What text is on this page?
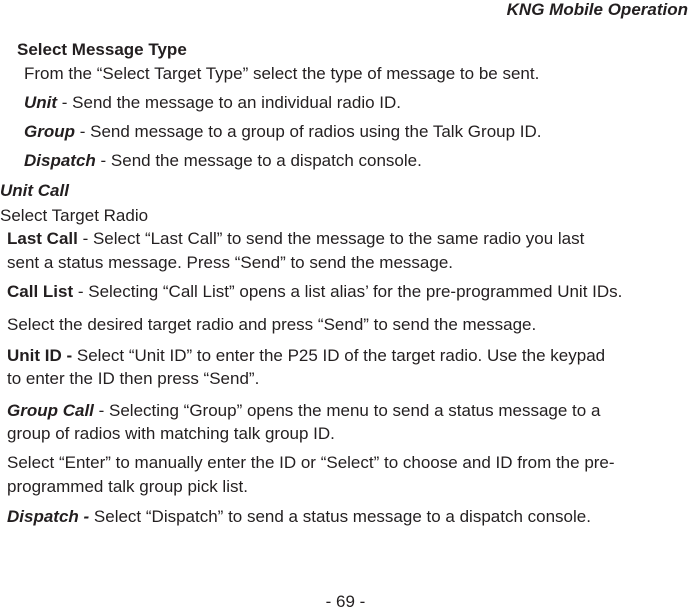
KNG Mobile Operation
Select Message Type
From the “Select Target Type” select the type of message to be sent.
Unit - Send the message to an individual radio ID.
Group - Send message to a group of radios using the Talk Group ID.
Dispatch - Send the message to a dispatch console.
Unit Call
Select Target Radio
Last Call - Select “Last Call” to send the message to the same radio you last
sent a status message. Press “Send” to send the message.
Call List - Selecting “Call List” opens a list alias’ for the pre-programmed Unit IDs.
Select the desired target radio and press “Send” to send the message.
Unit ID - Select “Unit ID” to enter the P25 ID of the target radio. Use the keypad
to enter the ID then press “Send”.
Group Call - Selecting “Group” opens the menu to send a status message to a
group of radios with matching talk group ID.
Select “Enter” to manually enter the ID or “Select” to choose and ID from the pre-
programmed talk group pick list.
Dispatch - Select “Dispatch” to send a status message to a dispatch console.
- 69 -
